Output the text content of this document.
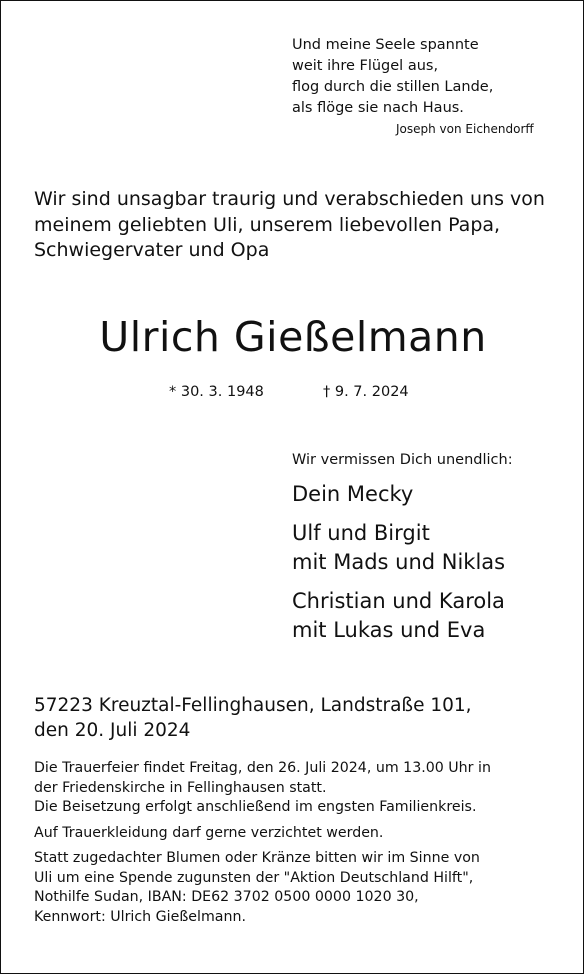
Und meine Seele spannte
weit ihre Flügel aus,
flog durch die stillen Lande,
als flöge sie nach Haus.
Joseph von Eichendorff
Wir sind unsagbar traurig und verabschieden uns von
meinem geliebten Uli, unserem liebevollen Papa,
Schwiegervater und Opa
Ulrich Gießelmann
* 30. 3. 1948	† 9. 7. 2024
Wir vermissen Dich unendlich:
Dein Mecky
Ulf und Birgit
mit Mads und Niklas
Christian und Karola
mit Lukas und Eva
57223 Kreuztal-Fellinghausen, Landstraße 101,
den 20. Juli 2024
Die Trauerfeier findet Freitag, den 26. Juli 2024, um 13.00 Uhr in
der Friedenskirche in Fellinghausen statt.
Die Beisetzung erfolgt anschließend im engsten Familienkreis.
Auf Trauerkleidung darf gerne verzichtet werden.
Statt zugedachter Blumen oder Kränze bitten wir im Sinne von
Uli um eine Spende zugunsten der "Aktion Deutschland Hilft",
Nothilfe Sudan, IBAN: DE62 3702 0500 0000 1020 30,
Kennwort: Ulrich Gießelmann.
